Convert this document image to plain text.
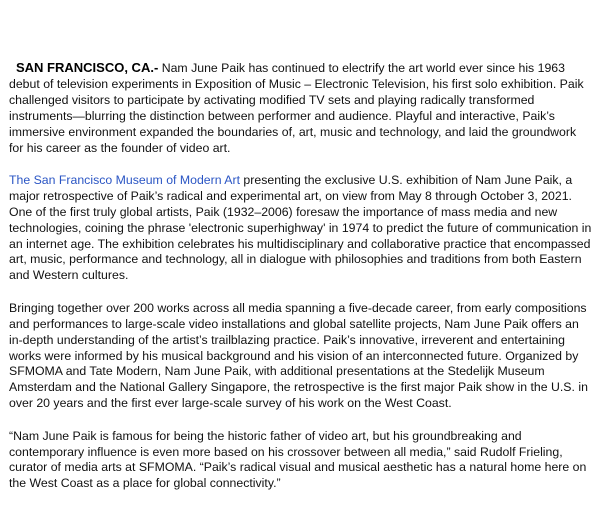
SAN FRANCISCO, CA.- Nam June Paik has continued to electrify the art world ever since his 1963 debut of television experiments in Exposition of Music – Electronic Television, his first solo exhibition. Paik challenged visitors to participate by activating modified TV sets and playing radically transformed instruments—blurring the distinction between performer and audience. Playful and interactive, Paik’s immersive environment expanded the boundaries of, art, music and technology, and laid the groundwork for his career as the founder of video art.

The San Francisco Museum of Modern Art presenting the exclusive U.S. exhibition of Nam June Paik, a major retrospective of Paik’s radical and experimental art, on view from May 8 through October 3, 2021. One of the first truly global artists, Paik (1932–2006) foresaw the importance of mass media and new technologies, coining the phrase 'electronic superhighway' in 1974 to predict the future of communication in an internet age. The exhibition celebrates his multidisciplinary and collaborative practice that encompassed art, music, performance and technology, all in dialogue with philosophies and traditions from both Eastern and Western cultures.

Bringing together over 200 works across all media spanning a five-decade career, from early compositions and performances to large-scale video installations and global satellite projects, Nam June Paik offers an in-depth understanding of the artist’s trailblazing practice. Paik’s innovative, irreverent and entertaining works were informed by his musical background and his vision of an interconnected future. Organized by SFMOMA and Tate Modern, Nam June Paik, with additional presentations at the Stedelijk Museum Amsterdam and the National Gallery Singapore, the retrospective is the first major Paik show in the U.S. in over 20 years and the first ever large-scale survey of his work on the West Coast.

“Nam June Paik is famous for being the historic father of video art, but his groundbreaking and contemporary influence is even more based on his crossover between all media,” said Rudolf Frieling, curator of media arts at SFMOMA. “Paik’s radical visual and musical aesthetic has a natural home here on the West Coast as a place for global connectivity.”
